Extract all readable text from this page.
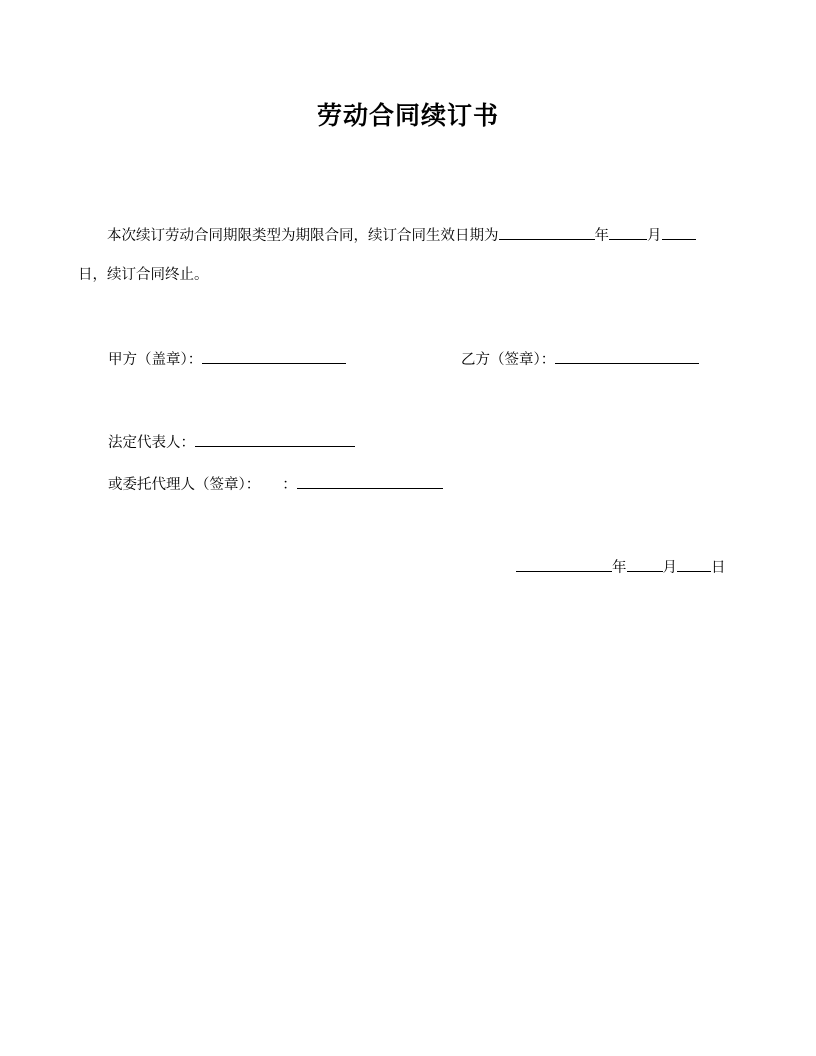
劳动合同续订书
本次续订劳动合同期限类型为期限合同，续订合同生效日期为	年	月
日，续订合同终止。
甲方（盖章）：	乙方（签章）：
法定代表人：
或委托代理人（签章）： ：
年 月 日
